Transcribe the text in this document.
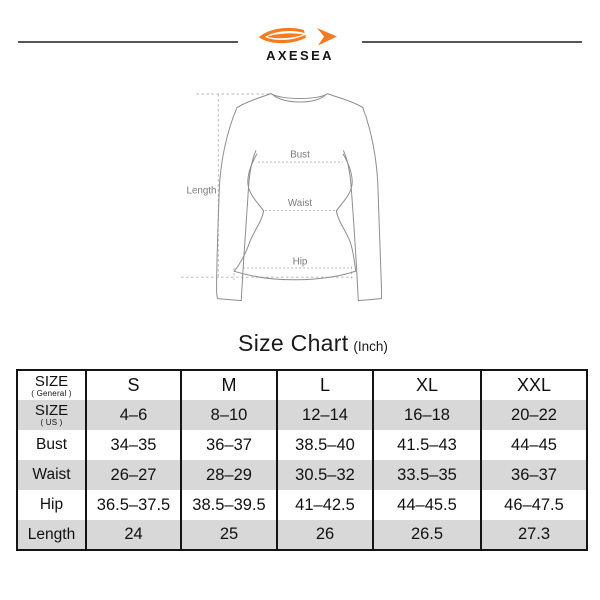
AXESEA
Length
Bust
Waist
Hip
Size Chart (Inch)
SIZE
( General )	S	M	L	XL	XXL

SIZE
( US )	4–6	8–10	12–14	16–18	20–22
Bust	34–35	36–37	38.5–40	41.5–43	44–45
Waist	26–27	28–29	30.5–32	33.5–35	36–37
Hip	36.5–37.5	38.5–39.5	41–42.5	44–45.5	46–47.5
Length	24	25	26	26.5	27.3
